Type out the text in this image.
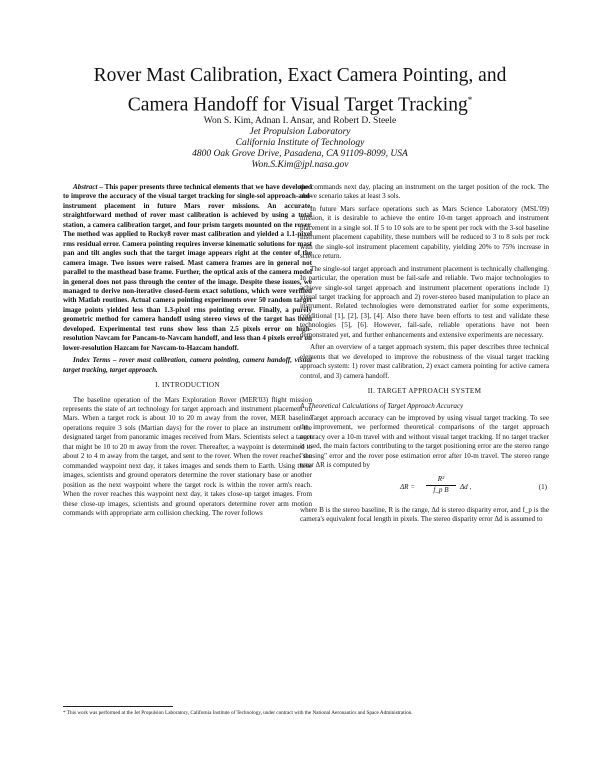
Rover Mast Calibration, Exact Camera Pointing, and
Camera Handoff for Visual Target Tracking*
Won S. Kim, Adnan I. Ansar, and Robert D. Steele
Jet Propulsion Laboratory
California Institute of Technology
4800 Oak Grove Drive, Pasadena, CA 91109-8099, USA
Won.S.Kim@jpl.nasa.gov

Abstract – This paper presents three technical elements that we have developed to improve the accuracy of the visual target tracking for single-sol approach-and-instrument placement in future Mars rover missions. An accurate, straightforward method of rover mast calibration is achieved by using a total station, a camera calibration target, and four prism targets mounted on the rover. The method was applied to Rocky8 rover mast calibration and yielded a 1.1-pixel rms residual error. Camera pointing requires inverse kinematic solutions for mast pan and tilt angles such that the target image appears right at the center of the camera image. Two issues were raised. Mast camera frames are in general not parallel to the masthead base frame. Further, the optical axis of the camera model in general does not pass through the center of the image. Despite these issues, we managed to derive non-iterative closed-form exact solutions, which were verified with Matlab routines. Actual camera pointing experiments over 50 random target image points yielded less than 1.3-pixel rms pointing error. Finally, a purely geometric method for camera handoff using stereo views of the target has been developed. Experimental test runs show less than 2.5 pixels error on high-resolution Navcam for Pancam-to-Navcam handoff, and less than 4 pixels error on lower-resolution Hazcam for Navcam-to-Hazcam handoff.

Index Terms – rover mast calibration, camera pointing, camera handoff, visual target tracking, target approach.

I. INTRODUCTION

The baseline operation of the Mars Exploration Rover (MER'03) flight mission represents the state of art technology for target approach and instrument placement on Mars. When a target rock is about 10 to 20 m away from the rover, MER baseline operations require 3 sols (Martian days) for the rover to place an instrument on the designated target from panoramic images received from Mars. Scientists select a target that might be 10 to 20 m away from the rover. Thereafter, a waypoint is determined to about 2 to 4 m away from the target, and sent to the rover. When the rover reaches the commanded waypoint next day, it takes images and sends them to Earth. Using these images, scientists and ground operators determine the rover stationary base or another position as the next waypoint where the target rock is within the rover arm's reach. When the rover reaches this waypoint next day, it takes close-up target images. From these close-up images, scientists and ground operators determine rover arm motion commands with appropriate arm collision checking. The rover follows

the commands next day, placing an instrument on the target position of the rock. The above scenario takes at least 3 sols.

In future Mars surface operations such as Mars Science Laboratory (MSL'09) mission, it is desirable to achieve the entire 10-m target approach and instrument placement in a single sol. If 5 to 10 sols are to be spent per rock with the 3-sol baseline instrument placement capability, these numbers will be reduced to 3 to 8 sols per rock with the single-sol instrument placement capability, yielding 20% to 75% increase in science return.

The single-sol target approach and instrument placement is technically challenging. In particular, the operation must be fail-safe and reliable. Two major technologies to achieve single-sol target approach and instrument placement operations include 1) visual target tracking for approach and 2) rover-stereo based manipulation to place an instrument. Related technologies were demonstrated earlier for some experiments, conditional [1], [2], [3], [4]. Also there have been efforts to test and validate these technologies [5], [6]. However, fail-safe, reliable operations have not been demonstrated yet, and further enhancements and extensive experiments are necessary.

After an overview of a target approach system, this paper describes three technical elements that we developed to improve the robustness of the visual target tracking approach system: 1) rover mast calibration, 2) exact camera pointing for active camera control, and 3) camera handoff.

II. TARGET APPROACH SYSTEM
A. Theoretical Calculations of Target Approach Accuracy

Target approach accuracy can be improved by using visual target tracking. To see the improvement, we performed theoretical comparisons of the target approach accuracy over a 10-m travel with and without visual target tracking. If no target tracker is used, the main factors contributing to the target positioning error are the stereo range "sensing" error and the rover pose estimation error after 10-m travel. The stereo range error ΔR is computed by

$\Delta R = \frac{\text{R²}}{\text{f\_p B}}$ Δd ,	(1)

where B is the stereo baseline, R is the range, Δd is stereo disparity error, and f_p is the camera's equivalent focal length in pixels. The stereo disparity error Δd is assumed to

* This work was performed at the Jet Propulsion Laboratory, California Institute of Technology, under contract with the National Aeronautics and Space Administration.
